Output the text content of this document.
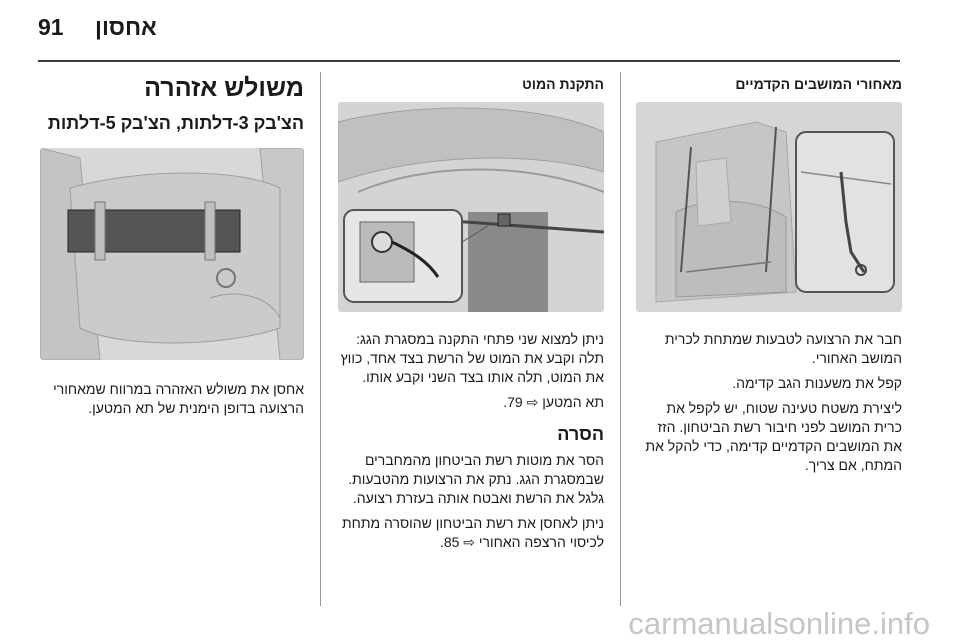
91 אחסון
מאחורי המושבים הקדמיים

חבר את הרצועה לטבעות שמתחת לכרית המושב האחורי.

קפל את משענות הגב קדימה.

ליצירת משטח טעינה שטוח, יש לקפל את כרית המושב לפני חיבור רשת הביטחון. הזז את המושבים הקדמיים קדימה, כדי להקל את המתח, אם צריך.

התקנת המוט

ניתן למצוא שני פתחי התקנה במסגרת הגג: תלה וקבע את המוט של הרשת בצד אחד, כווץ את המוט, תלה אותו בצד השני וקבע אותו.

תא המטען ⇨ 79.

הסרה

הסר את מוטות רשת הביטחון מהמחברים שבמסגרת הגג. נתק את הרצועות מהטבעות. גלגל את הרשת ואבטח אותה בעזרת רצועה.

ניתן לאחסן את רשת הביטחון שהוסרה מתחת לכיסוי הרצפה האחורי ⇨ 85.

משולש אזהרה
הצ'בק 3-דלתות, הצ'בק 5-דלתות

אחסן את משולש האזהרה במרווח שמאחורי הרצועה בדופן הימנית של תא המטען.

carmanualsonline.info
